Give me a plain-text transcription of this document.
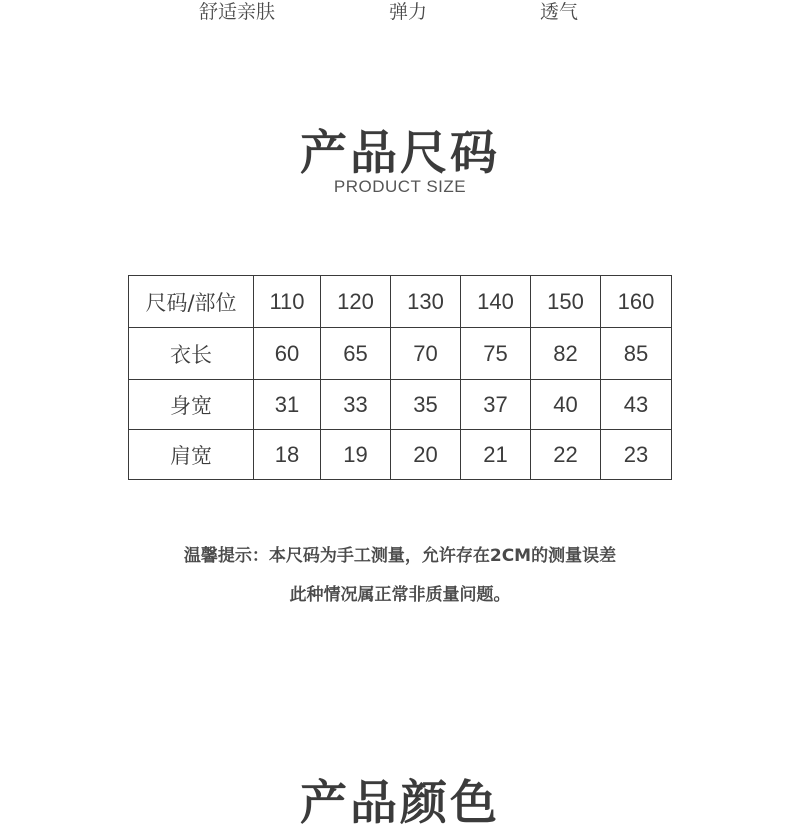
舒适亲肤	弹力	透气
产品尺码
PRODUCT SIZE
尺码/部位	110	120	130	140	150	160
衣长	60	65	70	75	82	85
身宽	31	33	35	37	40	43
肩宽	18	19	20	21	22	23
温馨提示：本尺码为手工测量，允许存在2CM的测量误差
此种情况属正常非质量问题。
产品颜色
